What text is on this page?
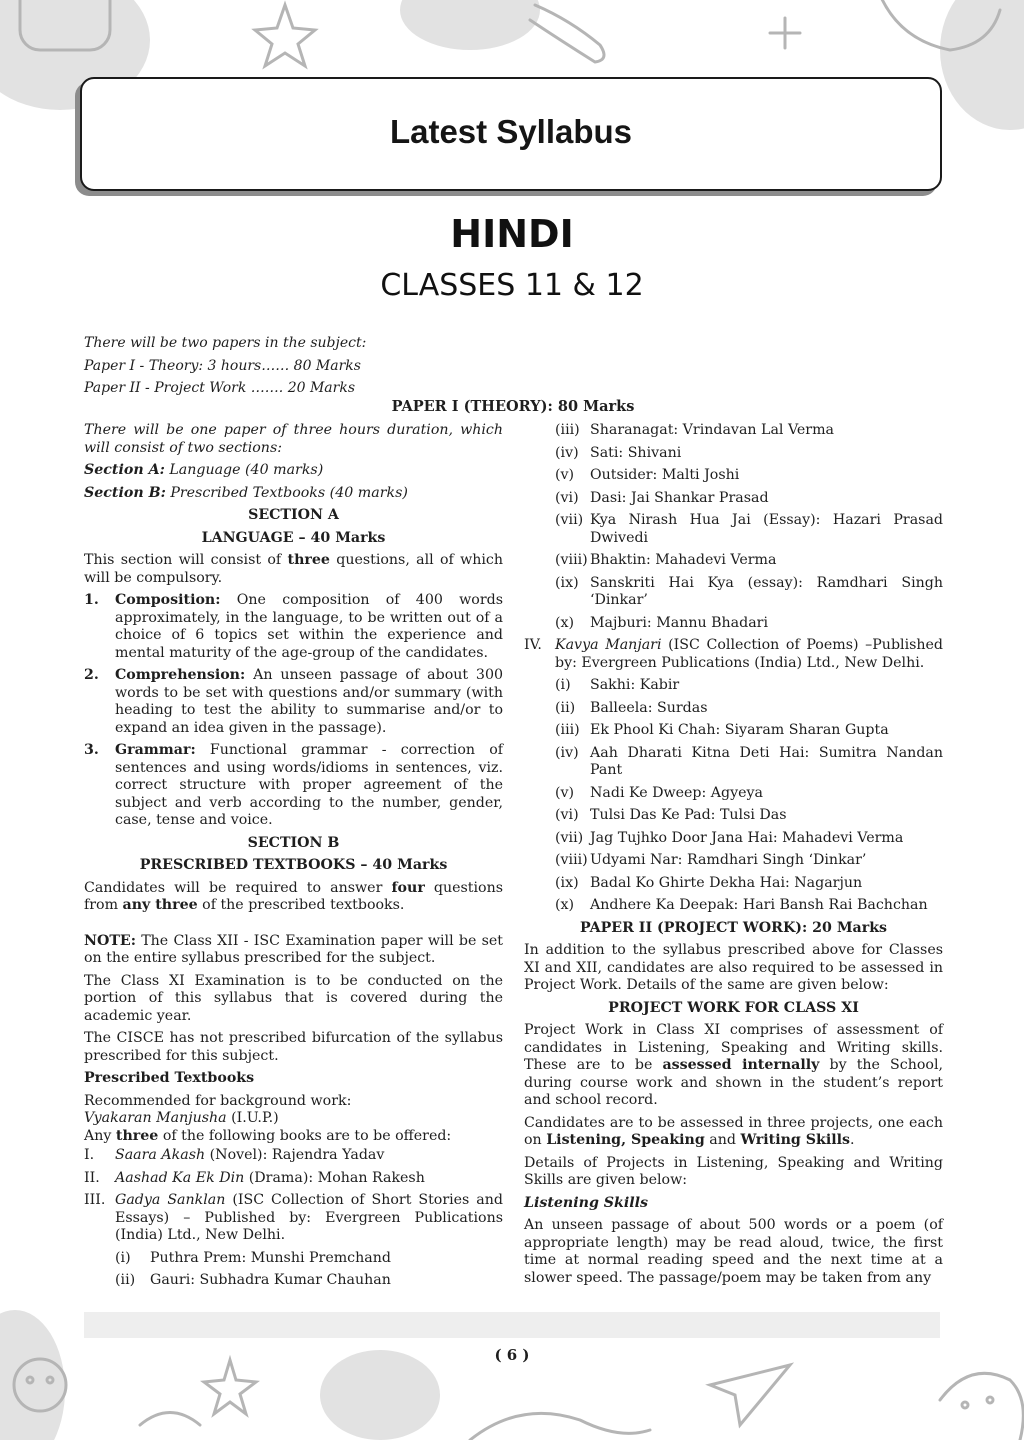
Latest Syllabus
HINDI
CLASSES 11 & 12
There will be two papers in the subject:
Paper I - Theory: 3 hours…… 80 Marks
Paper II - Project Work ……. 20 Marks
PAPER I (THEORY): 80 Marks

There will be one paper of three hours duration, which will consist of two sections:

Section A: Language (40 marks)

Section B: Prescribed Textbooks (40 marks)

SECTION A

LANGUAGE – 40 Marks

This section will consist of three questions, all of which will be compulsory.

1.	Composition: One composition of 400 words approximately, in the language, to be written out of a choice of 6 topics set within the experience and mental maturity of the age-group of the candidates.
2.	Comprehension: An unseen passage of about 300 words to be set with questions and/or summary (with heading to test the ability to summarise and/or to expand an idea given in the passage).
3.	Grammar: Functional grammar - correction of sentences and using words/idioms in sentences, viz. correct structure with proper agreement of the subject and verb according to the number, gender, case, tense and voice.

SECTION B

PRESCRIBED TEXTBOOKS – 40 Marks

Candidates will be required to answer four questions from any three of the prescribed textbooks.

NOTE: The Class XII - ISC Examination paper will be set on the entire syllabus prescribed for the subject.

The Class XI Examination is to be conducted on the portion of this syllabus that is covered during the academic year.

The CISCE has not prescribed bifurcation of the syllabus prescribed for this subject.

Prescribed Textbooks

Recommended for background work:
Vyakaran Manjusha (I.U.P.)
Any three of the following books are to be offered:
I.	Saara Akash (Novel): Rajendra Yadav
II.	Aashad Ka Ek Din (Drama): Mohan Rakesh
III. Gadya Sanklan (ISC Collection of Short Stories and Essays) – Published by: Evergreen Publications (India) Ltd., New Delhi.
(i)	Puthra Prem: Munshi Premchand
(ii)	Gauri: Subhadra Kumar Chauhan
(iii) Sharanagat: Vrindavan Lal Verma
(iv) Sati: Shivani
(v)	Outsider: Malti Joshi
(vi) Dasi: Jai Shankar Prasad
(vii) Kya Nirash Hua Jai (Essay): Hazari Prasad Dwivedi
(viii) Bhaktin: Mahadevi Verma
(ix) Sanskriti Hai Kya (essay): Ramdhari Singh ‘Dinkar’
(x)	Majburi: Mannu Bhadari
IV. Kavya Manjari (ISC Collection of Poems) –Published by: Evergreen Publications (India) Ltd., New Delhi.
(i)	Sakhi: Kabir
(ii)	Balleela: Surdas
(iii) Ek Phool Ki Chah: Siyaram Sharan Gupta
(iv) Aah Dharati Kitna Deti Hai: Sumitra Nandan Pant
(v)	Nadi Ke Dweep: Agyeya
(vi) Tulsi Das Ke Pad: Tulsi Das
(vii) Jag Tujhko Door Jana Hai: Mahadevi Verma
(viii) Udyami Nar: Ramdhari Singh ‘Dinkar’
(ix) Badal Ko Ghirte Dekha Hai: Nagarjun
(x)	Andhere Ka Deepak: Hari Bansh Rai Bachchan

PAPER II (PROJECT WORK): 20 Marks

In addition to the syllabus prescribed above for Classes XI and XII, candidates are also required to be assessed in Project Work. Details of the same are given below:

PROJECT WORK FOR CLASS XI

Project Work in Class XI comprises of assessment of candidates in Listening, Speaking and Writing skills. These are to be assessed internally by the School, during course work and shown in the student’s report and school record.

Candidates are to be assessed in three projects, one each on Listening, Speaking and Writing Skills.

Details of Projects in Listening, Speaking and Writing Skills are given below:

Listening Skills

An unseen passage of about 500 words or a poem (of appropriate length) may be read aloud, twice, the first time at normal reading speed and the next time at a slower speed. The passage/poem may be taken from any

( 6 )
